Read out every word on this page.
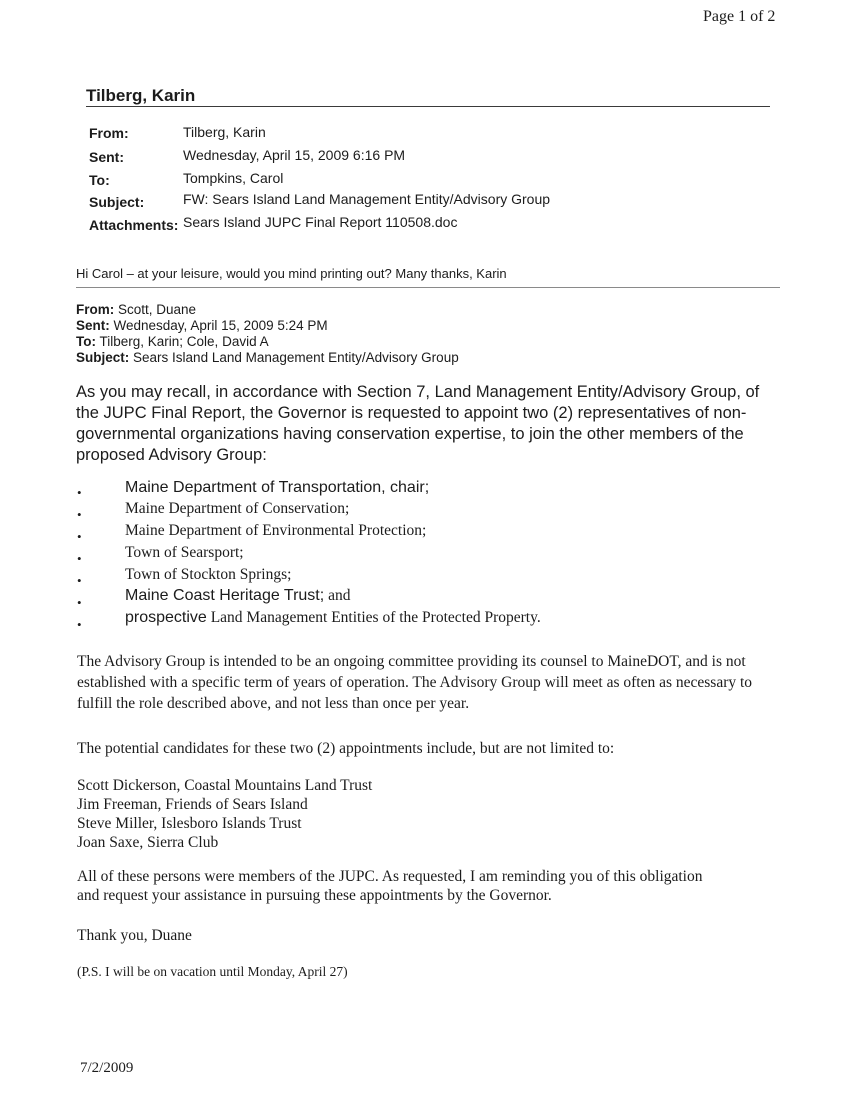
Page 1 of 2
Tilberg, Karin
From:	Tilberg, Karin
Sent:	Wednesday, April 15, 2009 6:16 PM
To:	Tompkins, Carol
Subject:	FW: Sears Island Land Management Entity/Advisory Group
Attachments: Sears Island JUPC Final Report 110508.doc
Hi Carol – at your leisure, would you mind printing out? Many thanks, Karin
From: Scott, Duane
Sent: Wednesday, April 15, 2009 5:24 PM
To: Tilberg, Karin; Cole, David A
Subject: Sears Island Land Management Entity/Advisory Group
As you may recall, in accordance with Section 7, Land Management Entity/Advisory Group, of the JUPC Final Report, the Governor is requested to appoint two (2) representatives of non-governmental organizations having conservation expertise, to join the other members of the proposed Advisory Group:
•	Maine Department of Transportation, chair;
•	Maine Department of Conservation;
•	Maine Department of Environmental Protection;
•	Town of Searsport;
•	Town of Stockton Springs;
•	Maine Coast Heritage Trust; and
•	prospective Land Management Entities of the Protected Property.
The Advisory Group is intended to be an ongoing committee providing its counsel to MaineDOT, and is not established with a specific term of years of operation. The Advisory Group will meet as often as necessary to fulfill the role described above, and not less than once per year.
The potential candidates for these two (2) appointments include, but are not limited to:
Scott Dickerson, Coastal Mountains Land Trust
Jim Freeman, Friends of Sears Island
Steve Miller, Islesboro Islands Trust
Joan Saxe, Sierra Club
All of these persons were members of the JUPC. As requested, I am reminding you of this obligation
and request your assistance in pursuing these appointments by the Governor.
Thank you, Duane
(P.S. I will be on vacation until Monday, April 27)
7/2/2009
